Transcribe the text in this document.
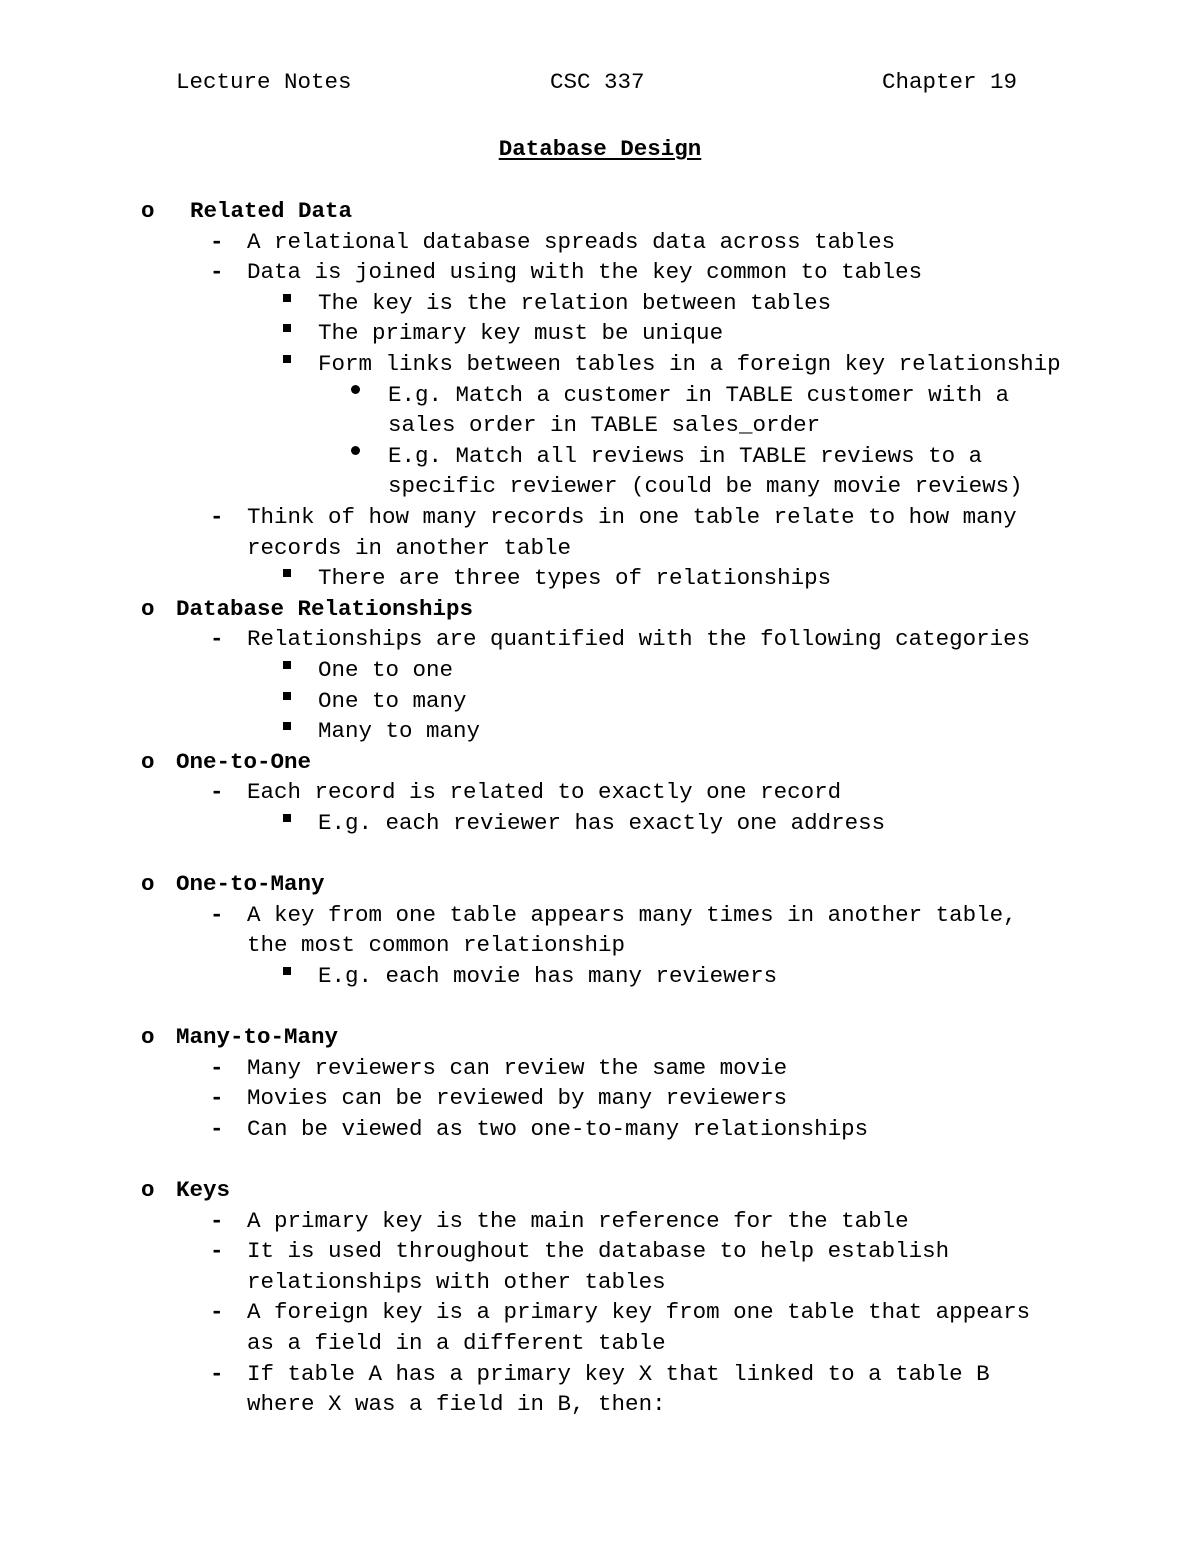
Lecture Notes	CSC 337	Chapter 19
Database Design

o

Related Data

-

A relational database spreads data across tables

-

Data is joined using with the key common to tables

The key is the relation between tables

The primary key must be unique

Form links between tables in a foreign key relationship

E.g. Match a customer in TABLE customer with a

sales order in TABLE sales_order

E.g. Match all reviews in TABLE reviews to a

specific reviewer (could be many movie reviews)

-

Think of how many records in one table relate to how many

records in another table

There are three types of relationships

o

Database Relationships

-

Relationships are quantified with the following categories

One to one

One to many

Many to many

o

One-to-One

-

Each record is related to exactly one record

E.g. each reviewer has exactly one address

o

One-to-Many

-

A key from one table appears many times in another table,

the most common relationship

E.g. each movie has many reviewers

o

Many-to-Many

-

Many reviewers can review the same movie

-

Movies can be reviewed by many reviewers

-

Can be viewed as two one-to-many relationships

o

Keys

-

A primary key is the main reference for the table

-

It is used throughout the database to help establish

relationships with other tables

-

A foreign key is a primary key from one table that appears

as a field in a different table

-

If table A has a primary key X that linked to a table B

where X was a field in B, then:
